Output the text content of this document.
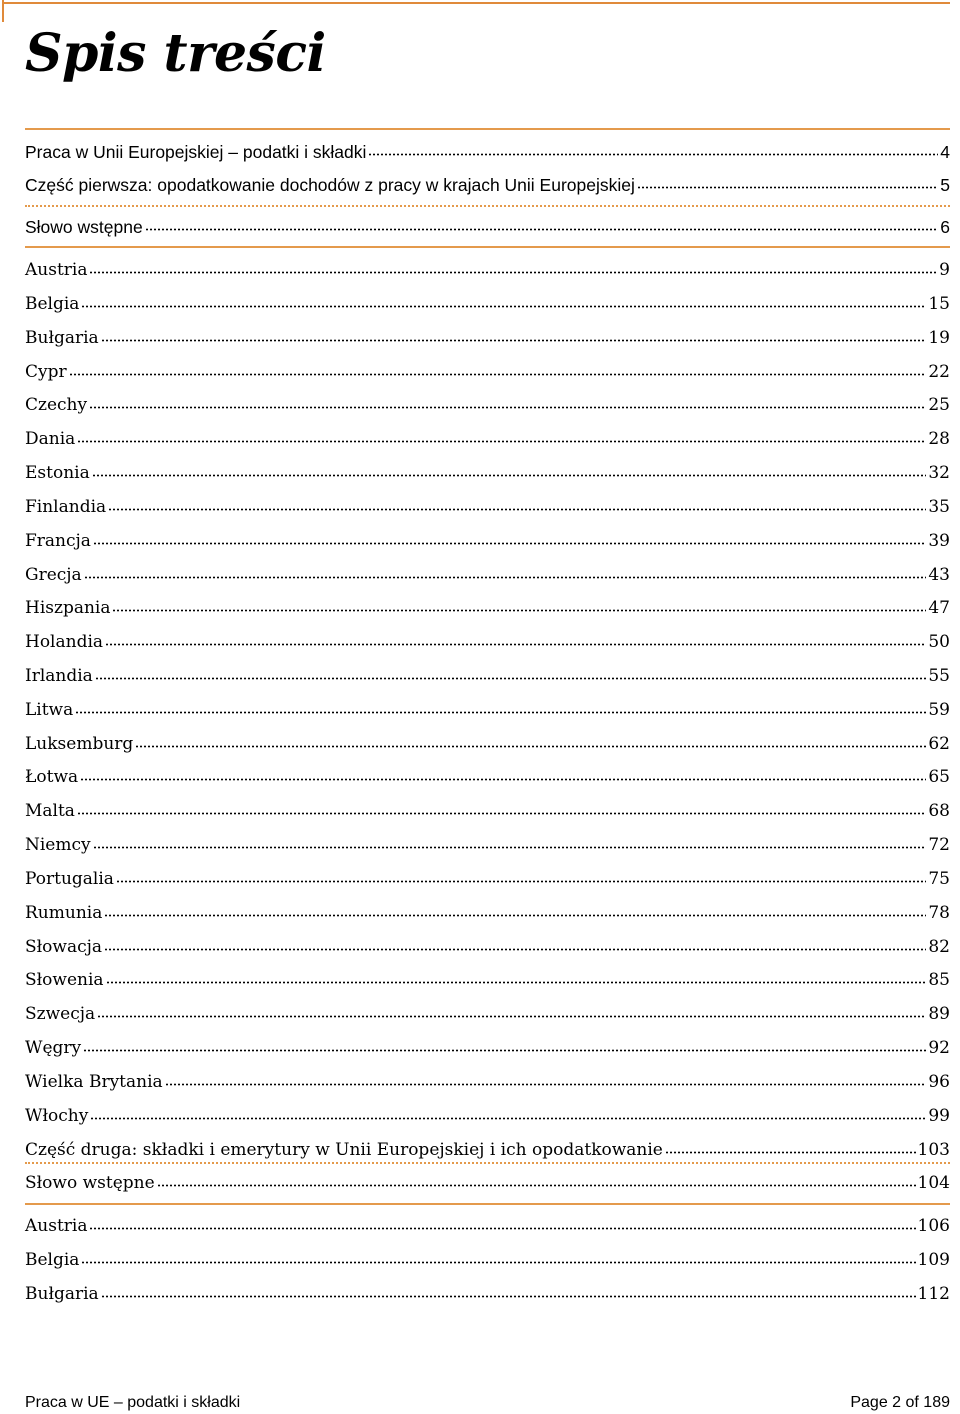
Spis treści
Praca w Unii Europejskiej – podatki i składki	4
Część pierwsza: opodatkowanie dochodów z pracy w krajach Unii Europejskiej	5
Słowo wstępne	6
Austria	9
Belgia	15
Bułgaria	19
Cypr	22
Czechy	25
Dania	28
Estonia	32
Finlandia	35
Francja	39
Grecja	43
Hiszpania	47
Holandia	50
Irlandia	55
Litwa	59
Luksemburg	62
Łotwa	65
Malta	68
Niemcy	72
Portugalia	75
Rumunia	78
Słowacja	82
Słowenia	85
Szwecja	89
Węgry	92
Wielka Brytania	96
Włochy	99
Część druga: składki i emerytury w Unii Europejskiej i ich opodatkowanie	103
Słowo wstępne	104
Austria	106
Belgia	109
Bułgaria	112
Praca w UE – podatki i składki	Page 2 of 189
